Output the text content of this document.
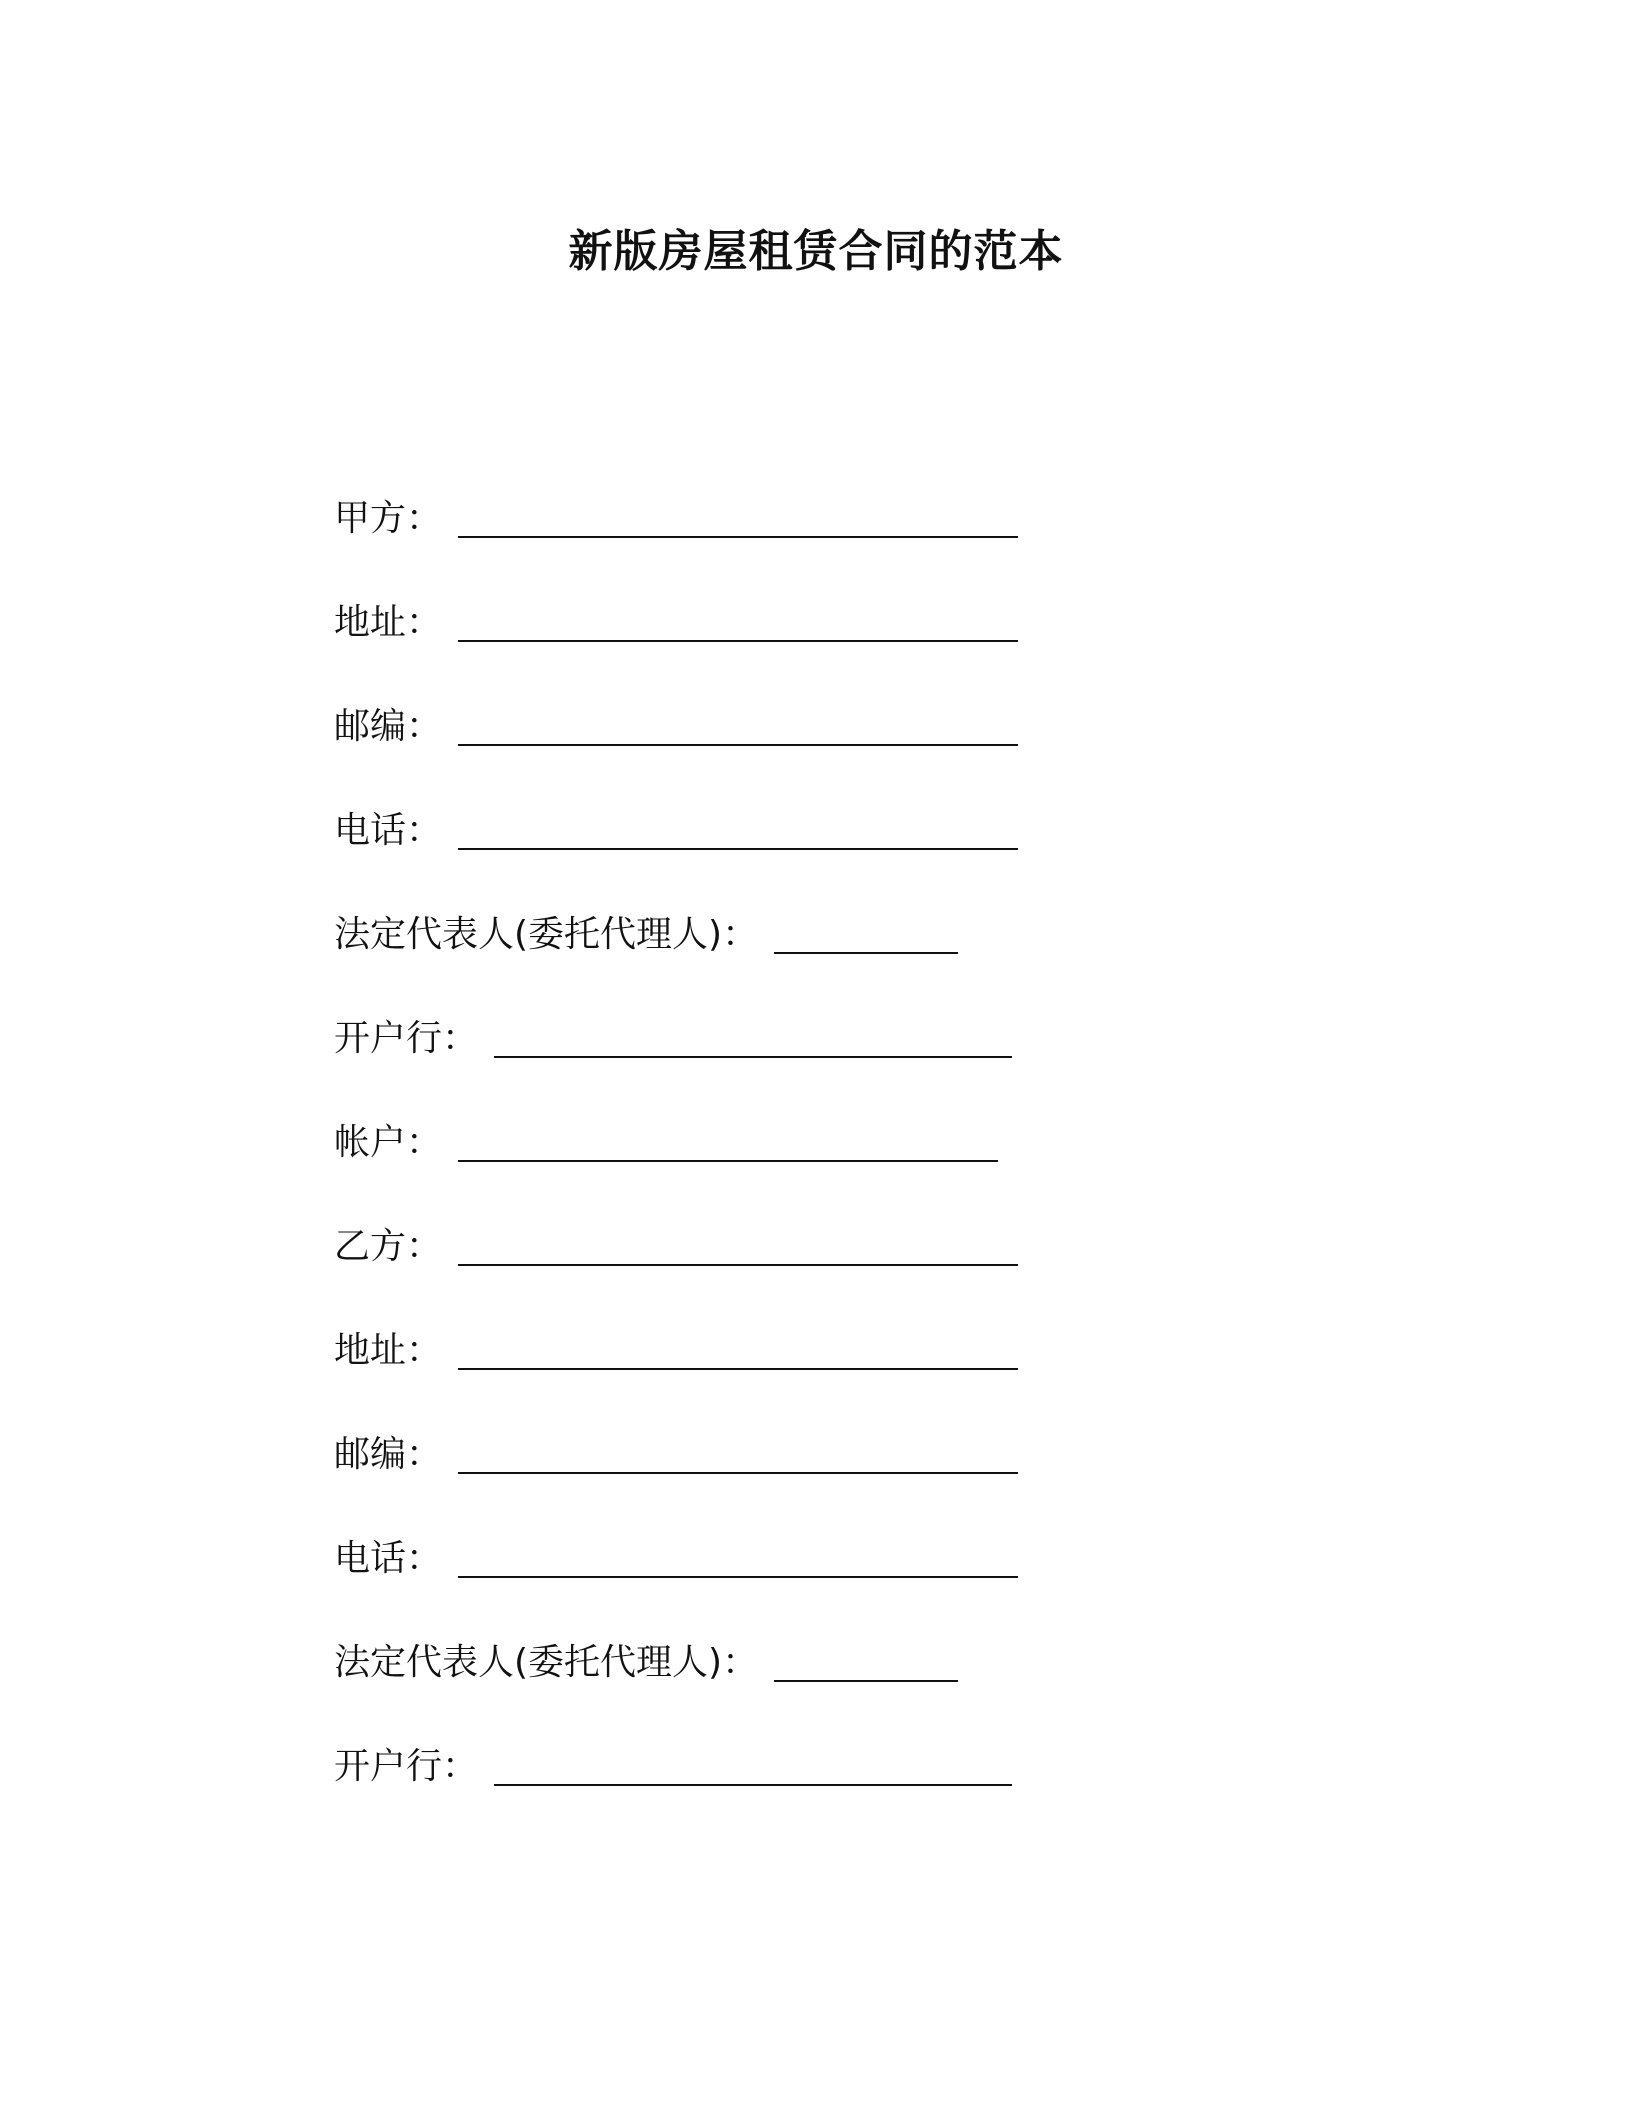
新版房屋租赁合同的范本
甲方 ：
地址 ：
邮编 ：
电话 ：
法定代表人(委托代理人) ：
开户行 ：
帐户 ：
乙方 ：
地址 ：
邮编 ：
电话 ：
法定代表人(委托代理人) ：
开户行 ：
